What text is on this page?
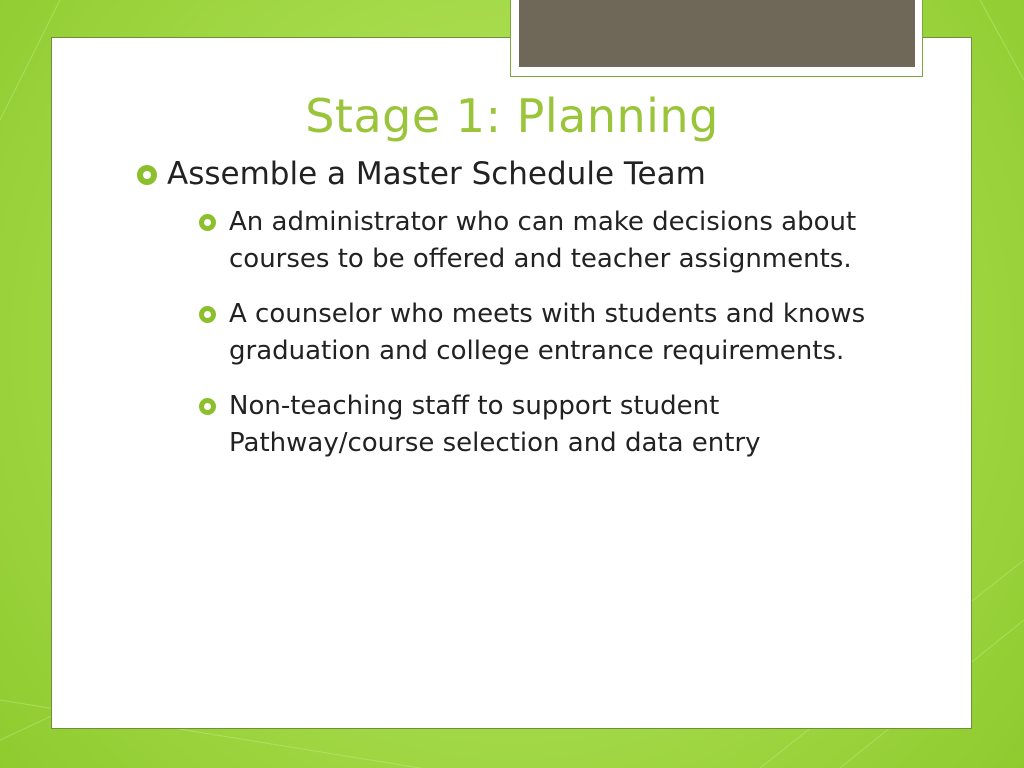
Stage 1: Planning
Assemble a Master Schedule Team
An administrator who can make decisions about courses to be offered and teacher assignments.
A counselor who meets with students and knows graduation and college entrance requirements.
Non-teaching staff to support student Pathway/course selection and data entry
